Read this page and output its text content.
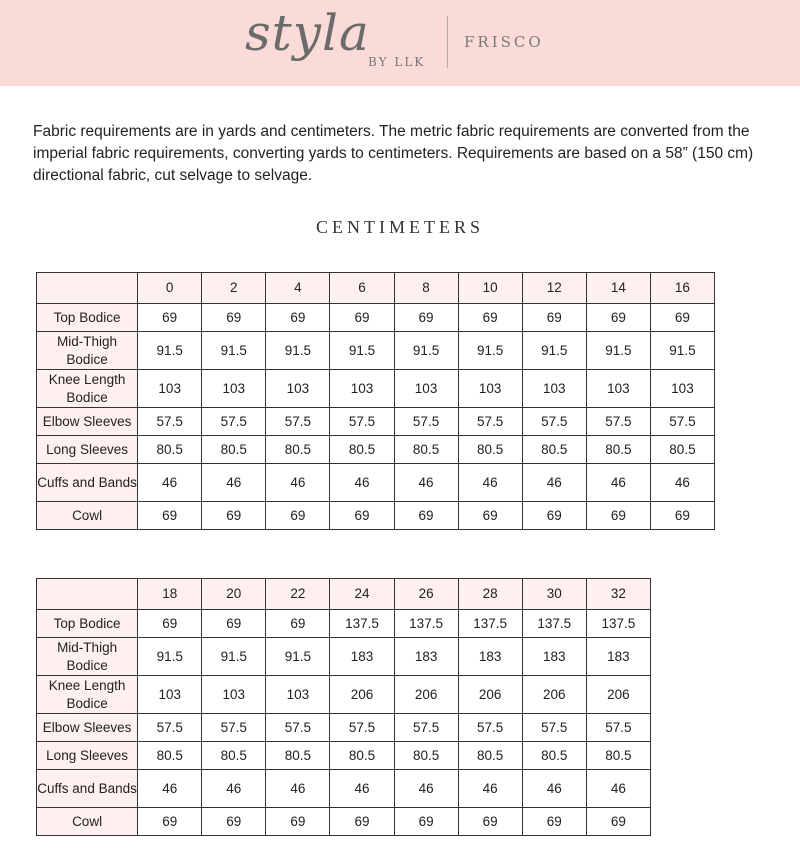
styla
BY LLK
FRISCO

Fabric requirements are in yards and centimeters. The metric fabric requirements are converted from the imperial fabric requirements, converting yards to centimeters. Requirements are based on a 58” (150 cm) directional fabric, cut selvage to selvage.

CENTIMETERS
	0	2	4	6	8	10	12	14	16
Top Bodice	69	69	69	69	69	69	69	69	69
Mid-Thigh Bodice	91.5	91.5	91.5	91.5	91.5	91.5	91.5	91.5	91.5
Knee Length Bodice	103	103	103	103	103	103	103	103	103
Elbow Sleeves	57.5	57.5	57.5	57.5	57.5	57.5	57.5	57.5	57.5
Long Sleeves	80.5	80.5	80.5	80.5	80.5	80.5	80.5	80.5	80.5
Cuffs and Bands	46	46	46	46	46	46	46	46	46
Cowl	69	69	69	69	69	69	69	69	69
	18	20	22	24	26	28	30	32
Top Bodice	69	69	69	137.5	137.5	137.5	137.5	137.5
Mid-Thigh Bodice	91.5	91.5	91.5	183	183	183	183	183
Knee Length Bodice	103	103	103	206	206	206	206	206
Elbow Sleeves	57.5	57.5	57.5	57.5	57.5	57.5	57.5	57.5
Long Sleeves	80.5	80.5	80.5	80.5	80.5	80.5	80.5	80.5
Cuffs and Bands	46	46	46	46	46	46	46	46
Cowl	69	69	69	69	69	69	69	69
